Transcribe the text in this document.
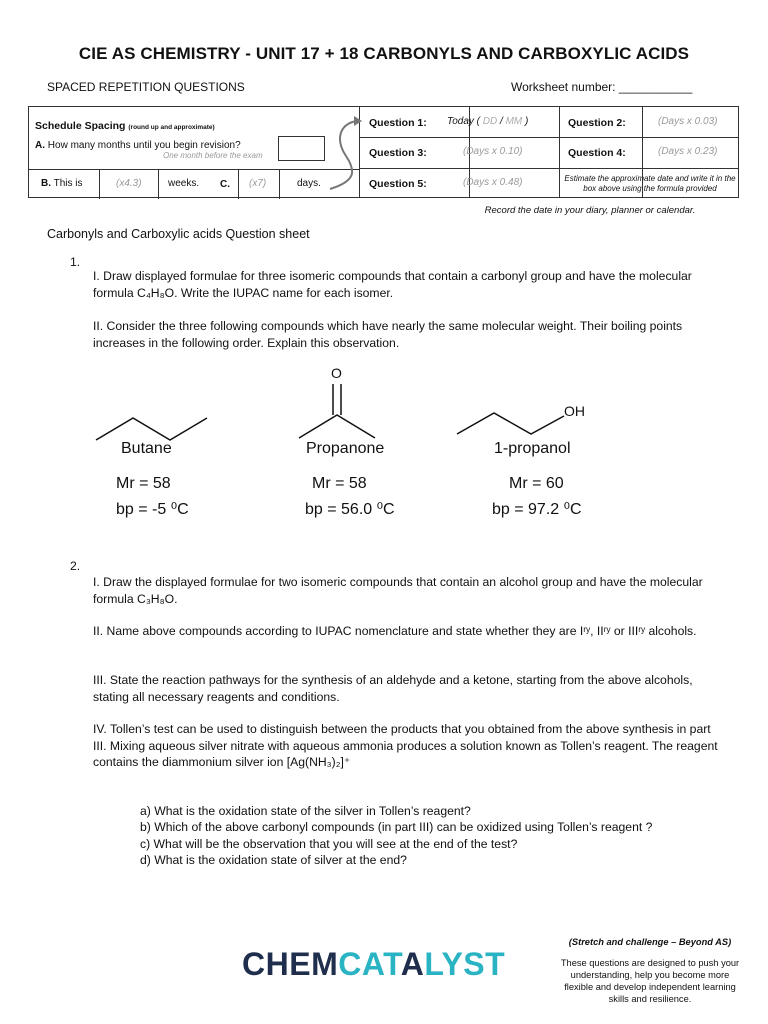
CIE AS CHEMISTRY - UNIT 17 + 18 CARBONYLS AND CARBOXYLIC ACIDS
SPACED REPETITION QUESTIONS	Worksheet number: ___________
Schedule Spacing (round up and approximate)
A. How many months until you begin revision?
One month before the exam
B. This is	(x4.3)	weeks. C. (x7)	days.
Question 1: Today ( DD / MM )	Question 2:	(Days x 0.03)
Question 3:	(Days x 0.10)	Question 4:	(Days x 0.23)
Question 5:	(Days x 0.48)	Estimate the approximate date and write it in the box above using the formula provided
Record the date in your diary, planner or calendar.
Carbonyls and Carboxylic acids Question sheet
1.
I. Draw displayed formulae for three isomeric compounds that contain a carbonyl group and have the molecular formula C₄H₈O. Write the IUPAC name for each isomer.
II. Consider the three following compounds which have nearly the same molecular weight. Their boiling points increases in the following order. Explain this observation.
O
OH
Butane	Propanone	1-propanol
Mr = 58	Mr = 58	Mr = 60
bp = -5 ⁰C	bp = 56.0 ⁰C	bp = 97.2 ⁰C
2.
I. Draw the displayed formulae for two isomeric compounds that contain an alcohol group and have the molecular formula C₃H₈O.
II. Name above compounds according to IUPAC nomenclature and state whether they are Iʳʸ, IIʳʸ or IIIʳʸ alcohols.
III. State the reaction pathways for the synthesis of an aldehyde and a ketone, starting from the above alcohols, stating all necessary reagents and conditions.
IV. Tollen’s test can be used to distinguish between the products that you obtained from the above synthesis in part III. Mixing aqueous silver nitrate with aqueous ammonia produces a solution known as Tollen’s reagent. The reagent contains the diammonium silver ion [Ag(NH₃)₂]⁺
a) What is the oxidation state of the silver in Tollen’s reagent?
b) Which of the above carbonyl compounds (in part III) can be oxidized using Tollen’s reagent ?
c) What will be the observation that you will see at the end of the test?
d) What is the oxidation state of silver at the end?
CHEMCATALYST
(Stretch and challenge – Beyond AS)
These questions are designed to push your understanding, help you become more flexible and develop independent learning skills and resilience.
